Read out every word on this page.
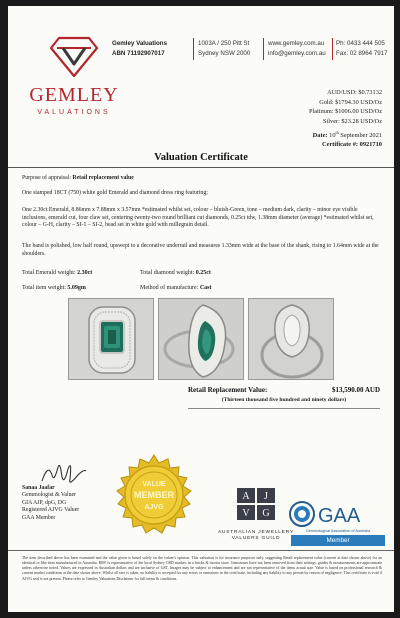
GEMLEY
VALUATIONS
Gemley Valuations
ABN 71192907017
1003A / 250 Pitt St
Sydney NSW 2000
www.gemley.com.au
info@gemley.com.au
Ph: 0433 444 505
Fax: 02 8964 7917
AUD/USD: $0.73132
Gold: $1794.30 USD/Oz
Platinum: $1006.00 USD/Oz
Silver: $23.28 USD/Oz
Date: 10th September 2021
Certificate #: 0921710
Valuation Certificate
Purpose of appraisal: Retail replacement value
One stamped 18CT (750) white gold Emerald and diamond dress ring featuring;
One 2.30ct Emerald, 8.86mm x 7.88mm x 3.57mm *estimated whilst set, colour – bluish-Green, tone – medium dark, clarity – minor eye visible inclusions, emerald cut, four claw set, centering twenty-two round brilliant cut diamonds, 0.25ct tdw, 1.38mm diameter (average) *estimated whilst set, colour – G-H, clarity – SI-1 – SI-2, bead set in white gold with millegrain detail.
The band is polished, low half round, upswept to a decorative underrail and measures 1.33mm wide at the base of the shank, rising to 1.64mm wide at the shoulders.
Total Emerald weight: 2.30ct	Total diamond weight: 0.25ct
Total item weight: 5.09gm	Method of manufacture: Cast
Retail Replacement Value:	$13,590.00 AUD
(Thirteen thousand five hundred and ninety dollars)
Sanaa Jaafar
Gemmologist & Valuer
GIA AJP, dpG, DG
Registered AJVG Valuer
GAA Member
VALUE
MEMBER
AJVG
A J
V G
AUSTRALIAN JEWELLERY
VALUERS GUILD
GAA
Gemmological Association of Australia
Member
The item described above has been examined and the value given is based solely on the valuer's opinion. This valuation is for insurance purposes only, suggesting Retail replacement value (current at date shown above) for an identical or like item manufactured in Australia. RRV is representative of the local Sydney CBD market, in a bricks & mortar store. Gemstones have not been removed from their settings, grades & measurements are approximate unless otherwise noted. Values are expressed in Australian dollars and are inclusive of GST. Images may be subject to enhancement and are not representative of the items actual size. Value is based on professional research & current market conditions at the date shown above. Whilst all care is taken, no liability is accepted for any errors or omissions in the certificate, including any liability to any person by reason of negligence. This certificate is void if AJVG seal is not present. Please refer to Gemley Valuations Disclaimer for full terms & conditions.
